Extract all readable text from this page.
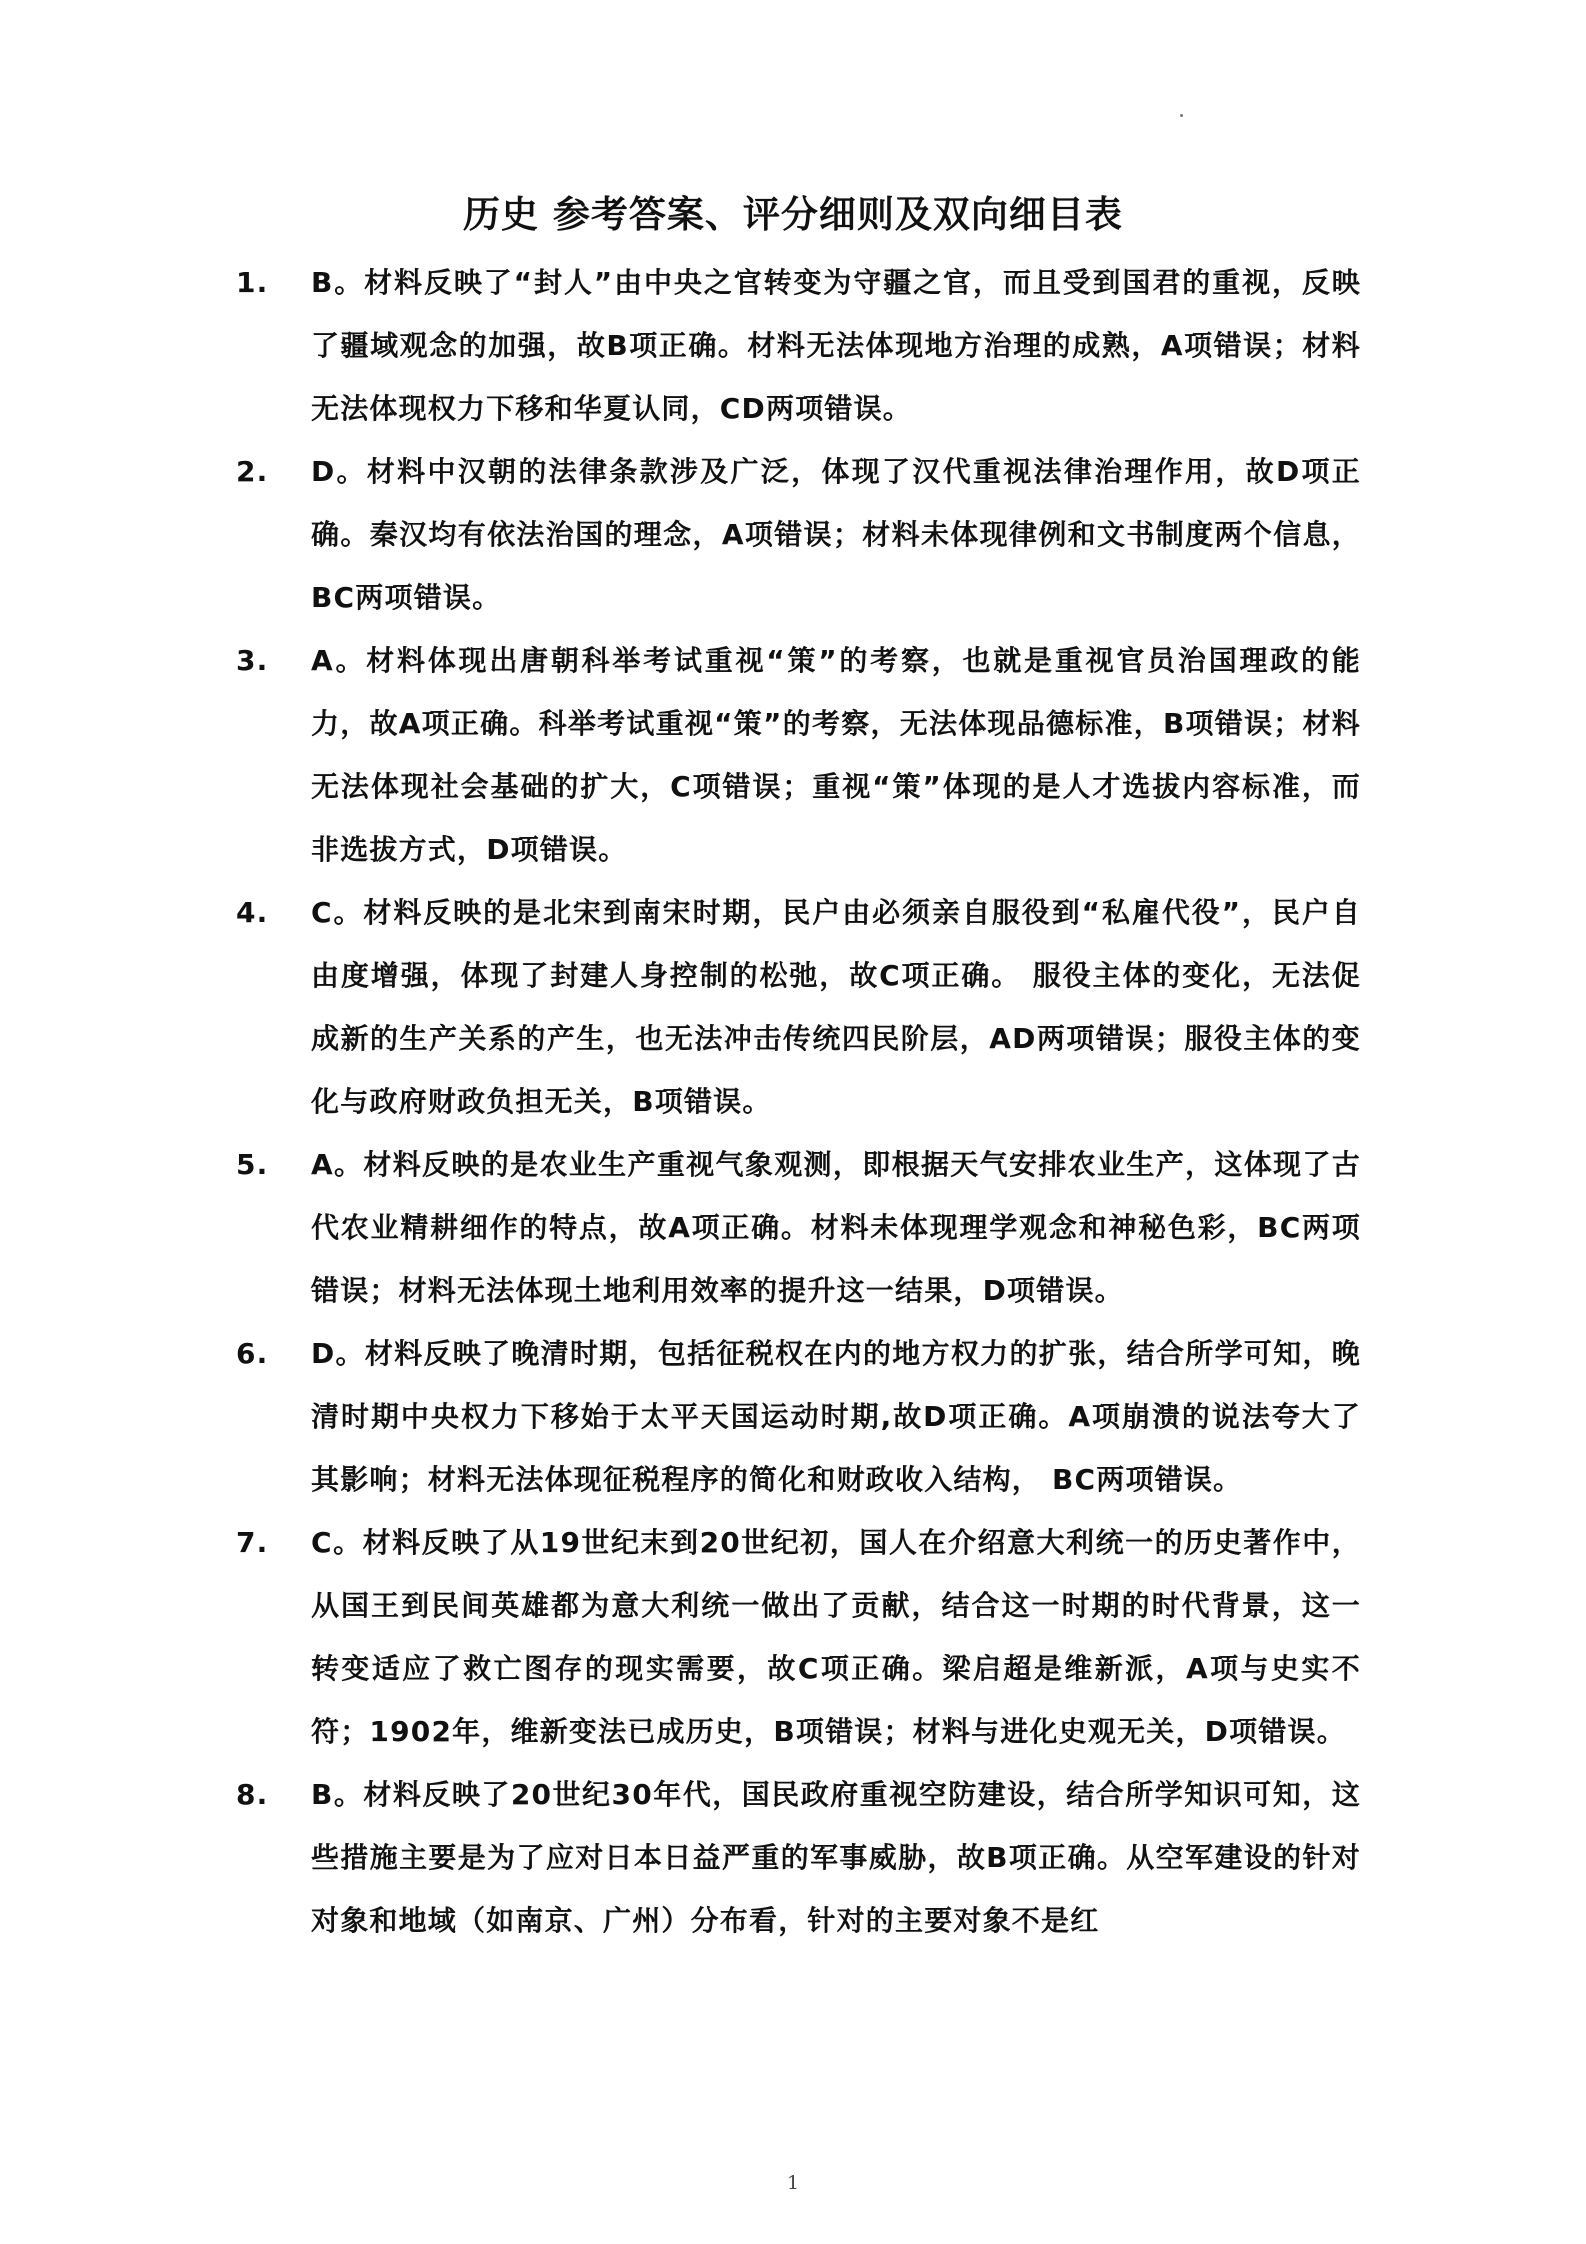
历史 参考答案、评分细则及双向细目表
1. B。材料反映了“封人”由中央之官转变为守疆之官，而且受到国君的重视，反映了疆域观念的加强，故B项正确。材料无法体现地方治理的成熟，A项错误；材料无法体现权力下移和华夏认同，CD两项错误。
2. D。材料中汉朝的法律条款涉及广泛，体现了汉代重视法律治理作用，故D项正确。秦汉均有依法治国的理念，A项错误；材料未体现律例和文书制度两个信息，BC两项错误。
3. A。材料体现出唐朝科举考试重视“策”的考察，也就是重视官员治国理政的能力，故A项正确。科举考试重视“策”的考察，无法体现品德标准，B项错误；材料无法体现社会基础的扩大，C项错误；重视“策”体现的是人才选拔内容标准，而非选拔方式，D项错误。
4. C。材料反映的是北宋到南宋时期，民户由必须亲自服役到“私雇代役”，民户自由度增强，体现了封建人身控制的松弛，故C项正确。 服役主体的变化，无法促成新的生产关系的产生，也无法冲击传统四民阶层，AD两项错误；服役主体的变化与政府财政负担无关，B项错误。
5. A。材料反映的是农业生产重视气象观测，即根据天气安排农业生产，这体现了古代农业精耕细作的特点，故A项正确。材料未体现理学观念和神秘色彩，BC两项错误；材料无法体现土地利用效率的提升这一结果，D项错误。
6. D。材料反映了晚清时期，包括征税权在内的地方权力的扩张，结合所学可知，晚清时期中央权力下移始于太平天国运动时期,故D项正确。A项崩溃的说法夸大了其影响；材料无法体现征税程序的简化和财政收入结构， BC两项错误。
7. C。材料反映了从19世纪末到20世纪初，国人在介绍意大利统一的历史著作中，从国王到民间英雄都为意大利统一做出了贡献，结合这一时期的时代背景，这一转变适应了救亡图存的现实需要，故C项正确。梁启超是维新派，A项与史实不符；1902年，维新变法已成历史，B项错误；材料与进化史观无关，D项错误。
8. B。材料反映了20世纪30年代，国民政府重视空防建设，结合所学知识可知，这些措施主要是为了应对日本日益严重的军事威胁，故B项正确。从空军建设的针对对象和地域（如南京、广州）分布看，针对的主要对象不是红
1
